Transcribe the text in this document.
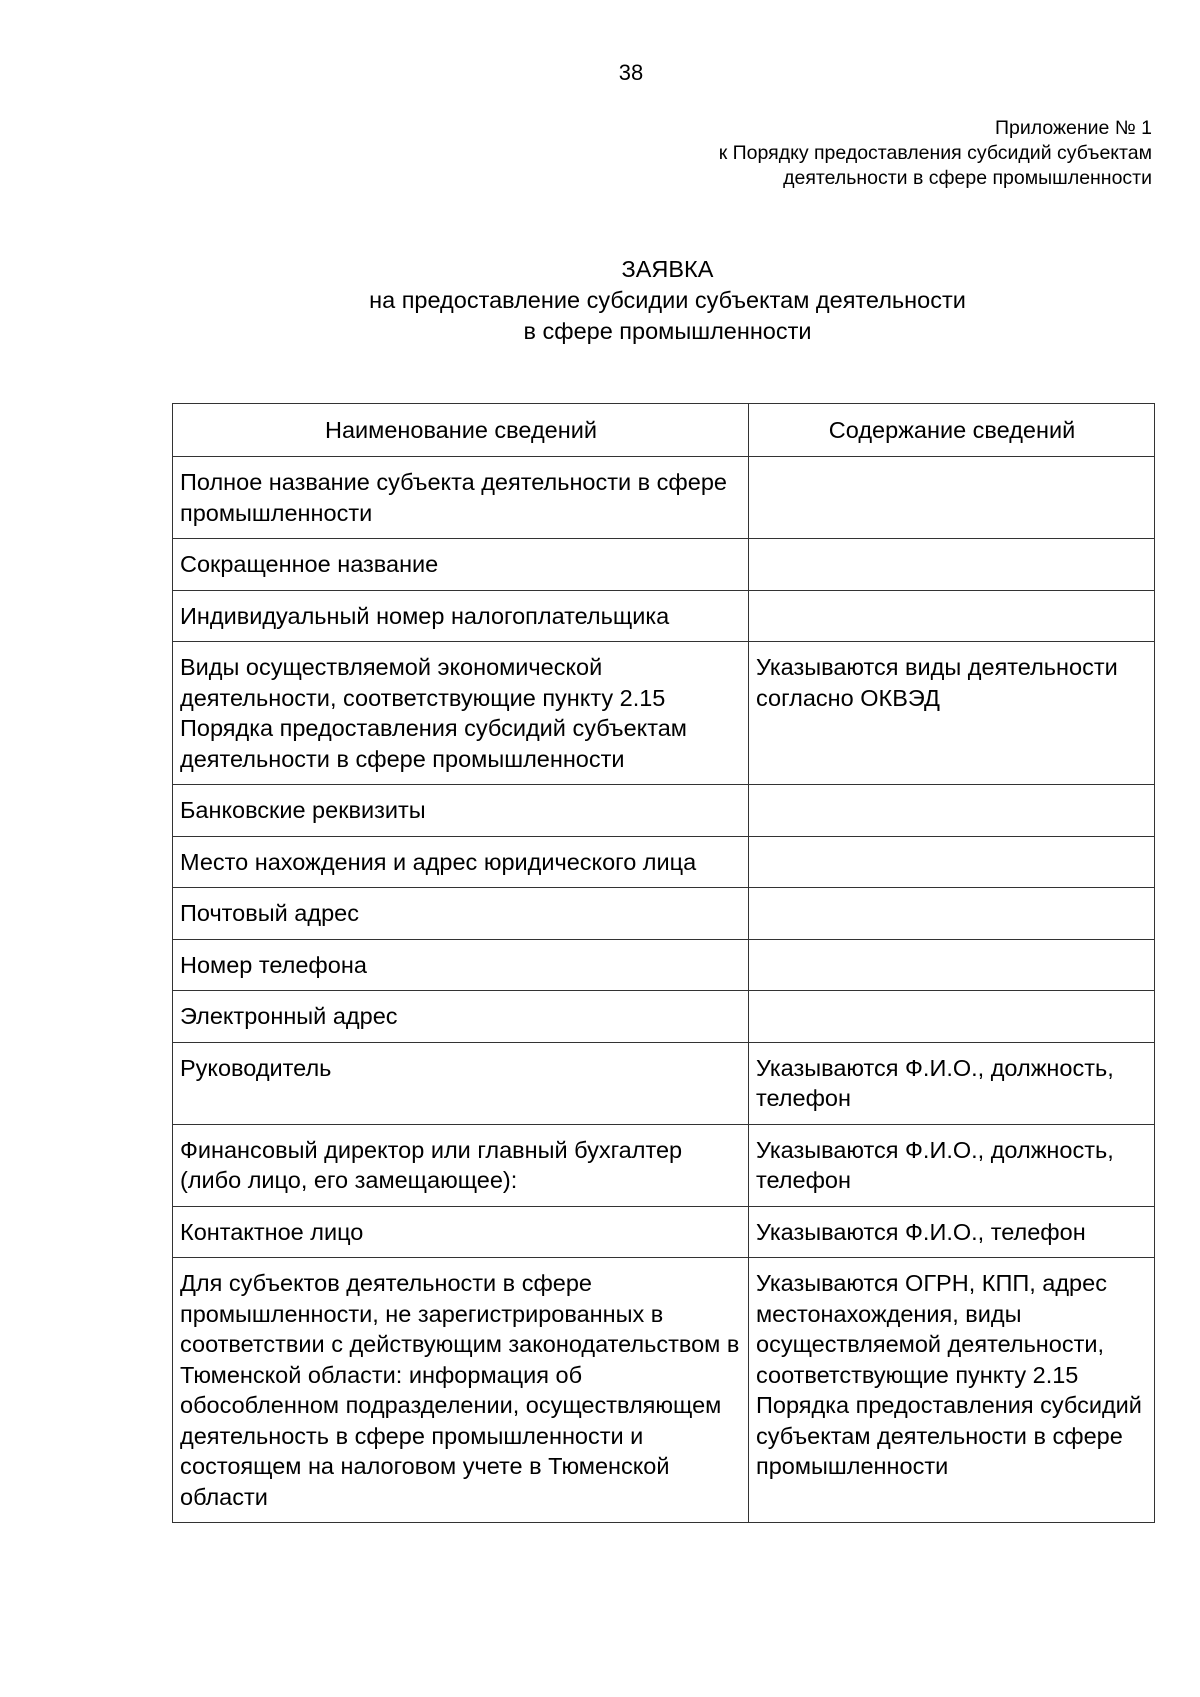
38
Приложение № 1
к Порядку предоставления субсидий субъектам
деятельности в сфере промышленности
ЗАЯВКА
на предоставление субсидии субъектам деятельности
в сфере промышленности
Наименование сведений	Содержание сведений
Полное название субъекта деятельности в сфере промышленности	
Сокращенное название	
Индивидуальный номер налогоплательщика	
Виды осуществляемой экономической деятельности, соответствующие пункту 2.15 Порядка предоставления субсидий субъектам деятельности в сфере промышленности	Указываются виды деятельности согласно ОКВЭД
Банковские реквизиты	
Место нахождения и адрес юридического лица	
Почтовый адрес	
Номер телефона	
Электронный адрес	
Руководитель	Указываются Ф.И.О., должность, телефон
Финансовый директор или главный бухгалтер (либо лицо, его замещающее):	Указываются Ф.И.О., должность, телефон
Контактное лицо	Указываются Ф.И.О., телефон
Для субъектов деятельности в сфере промышленности, не зарегистрированных в соответствии с действующим законодательством в Тюменской области: информация об обособленном подразделении, осуществляющем деятельность в сфере промышленности и состоящем на налоговом учете в Тюменской области	Указываются ОГРН, КПП, адрес местонахождения, виды осуществляемой деятельности, соответствующие пункту 2.15 Порядка предоставления субсидий субъектам деятельности в сфере промышленности
